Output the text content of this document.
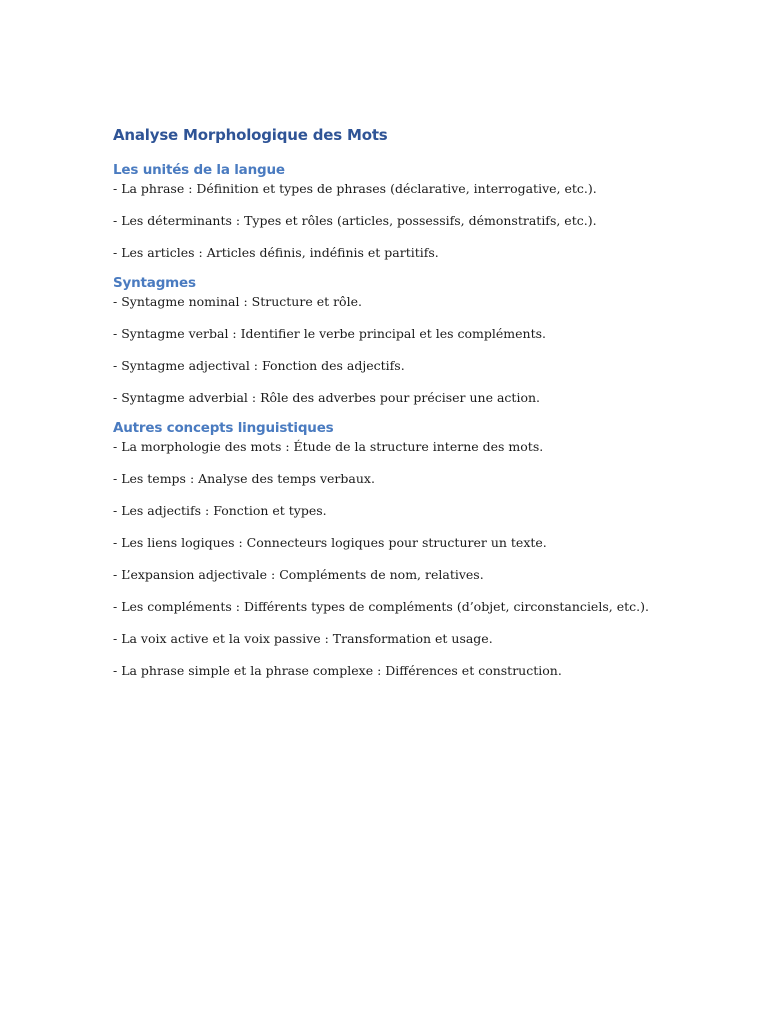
Analyse Morphologique des Mots
Les unités de la langue
- La phrase : Définition et types de phrases (déclarative, interrogative, etc.).
- Les déterminants : Types et rôles (articles, possessifs, démonstratifs, etc.).
- Les articles : Articles définis, indéfinis et partitifs.
Syntagmes
- Syntagme nominal : Structure et rôle.
- Syntagme verbal : Identifier le verbe principal et les compléments.
- Syntagme adjectival : Fonction des adjectifs.
- Syntagme adverbial : Rôle des adverbes pour préciser une action.
Autres concepts linguistiques
- La morphologie des mots : Étude de la structure interne des mots.
- Les temps : Analyse des temps verbaux.
- Les adjectifs : Fonction et types.
- Les liens logiques : Connecteurs logiques pour structurer un texte.
- L’expansion adjectivale : Compléments de nom, relatives.
- Les compléments : Différents types de compléments (d’objet, circonstanciels, etc.).
- La voix active et la voix passive : Transformation et usage.
- La phrase simple et la phrase complexe : Différences et construction.
